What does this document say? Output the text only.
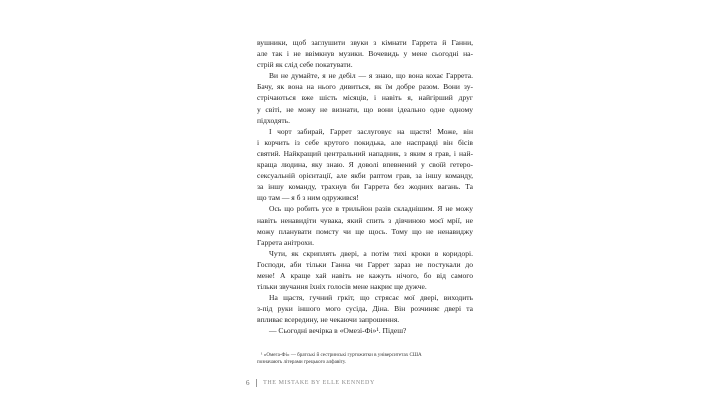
вушники, щоб заглушити звуки з кімнати Гаррета й Ганни,
але так і не ввімкнув музики. Вочевидь у мене сьогодні на-
стрій як слід себе покатувати.
Ви не думайте, я не дебіл — я знаю, що вона кохає Гаррета.
Бачу, як вона на нього дивиться, як їм добре разом. Вони зу-
стрічаються вже шість місяців, і навіть я, найгірший друг
у світі, не можу не визнати, що вони ідеально одне одному
підходять.
І чорт забирай, Гаррет заслуговує на щастя! Може, він
і корчить із себе крутого покидька, але насправді він бісів
святий. Найкращий центральний нападник, з яким я грав, і най-
краща людина, яку знаю. Я доволі впевнений у своїй гетеро-
сексуальній орієнтації, але якби раптом грав, за іншу команду,
за іншу команду, трахнув би Гаррета без жодних вагань. Та
що там — я б з ним одружився!
Ось що робить усе в трильйон разів складнішим. Я не можу
навіть ненавидіти чувака, який спить з дівчиною моєї мрії, не
можу планувати помсту чи ще щось. Тому що не ненавиджу
Гаррета анітрохи.
Чути, як скриплять двері, а потім тихі кроки в коридорі.
Господи, аби тільки Ганна чи Гаррет зараз не постукали до
мене! А краще хай навіть не кажуть нічого, бо від самого
тільки звучання їхніх голосів мене накриє ще дужче.
На щастя, гучний гркіт, що стрясає мої двері, виходить
з-під руки іншого мого сусіда, Діна. Він розчиняє двері та
впливає всередину, не чекаючи запрошення.
— Сьогодні вечірка в «Омезі-Фі»¹. Підеш?
¹ «Омега-Фі» — братські й сестринські гуртожитки в університетах США
позначають літерами грецького алфавіту.
6 THE MISTAKE BY ELLE KENNEDY
